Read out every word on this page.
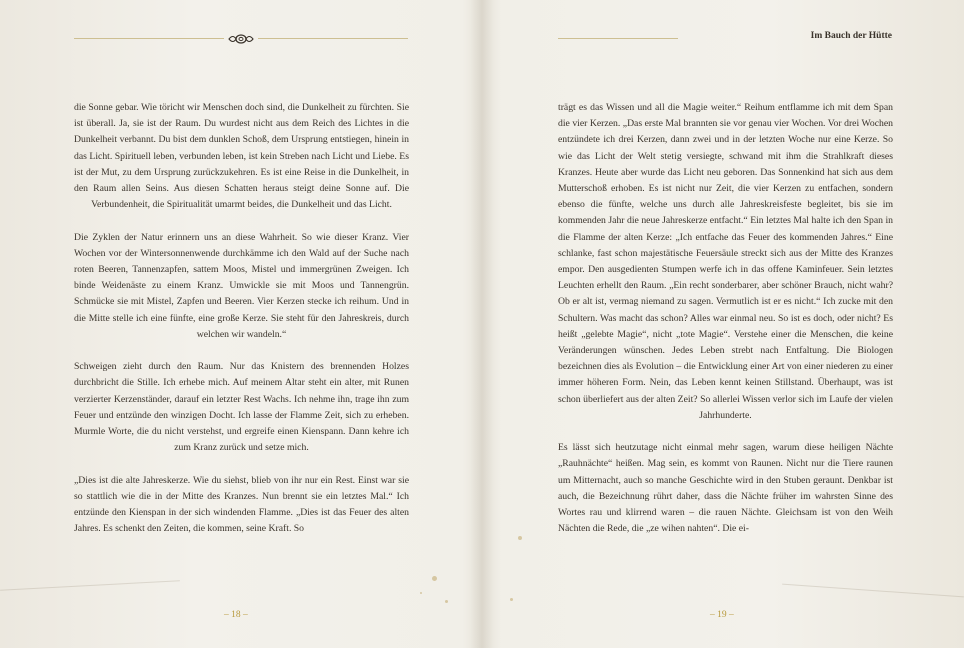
die Sonne gebar. Wie töricht wir Menschen doch sind, die Dunkelheit zu fürchten. Sie ist überall. Ja, sie ist der Raum. Du wurdest nicht aus dem Reich des Lichtes in die Dunkelheit verbannt. Du bist dem dunklen Schoß, dem Ursprung entstiegen, hinein in das Licht. Spirituell leben, verbunden leben, ist kein Streben nach Licht und Liebe. Es ist der Mut, zu dem Ursprung zurückzukehren. Es ist eine Reise in die Dunkelheit, in den Raum allen Seins. Aus diesen Schatten heraus steigt deine Sonne auf. Die Verbundenheit, die Spiritualität umarmt beides, die Dunkelheit und das Licht.

Die Zyklen der Natur erinnern uns an diese Wahrheit. So wie dieser Kranz. Vier Wochen vor der Wintersonnenwende durchkämme ich den Wald auf der Suche nach roten Beeren, Tannenzapfen, sattem Moos, Mistel und immergrünen Zweigen. Ich binde Weidenäste zu einem Kranz. Umwickle sie mit Moos und Tannengrün. Schmücke sie mit Mistel, Zapfen und Beeren. Vier Kerzen stecke ich reihum. Und in die Mitte stelle ich eine fünfte, eine große Kerze. Sie steht für den Jahreskreis, durch welchen wir wandeln.“

Schweigen zieht durch den Raum. Nur das Knistern des brennenden Holzes durchbricht die Stille. Ich erhebe mich. Auf meinem Altar steht ein alter, mit Runen verzierter Kerzenständer, darauf ein letzter Rest Wachs. Ich nehme ihn, trage ihn zum Feuer und entzünde den winzigen Docht. Ich lasse der Flamme Zeit, sich zu erheben. Murmle Worte, die du nicht verstehst, und ergreife einen Kienspann. Dann kehre ich zum Kranz zurück und setze mich.

„Dies ist die alte Jahreskerze. Wie du siehst, blieb von ihr nur ein Rest. Einst war sie so stattlich wie die in der Mitte des Kranzes. Nun brennt sie ein letztes Mal.“ Ich entzünde den Kienspan in der sich windenden Flamme. „Dies ist das Feuer des alten Jahres. Es schenkt den Zeiten, die kommen, seine Kraft. So

– 18 –
Im Bauch der Hütte

trägt es das Wissen und all die Magie weiter.“ Reihum entflamme ich mit dem Span die vier Kerzen. „Das erste Mal brannten sie vor genau vier Wochen. Vor drei Wochen entzündete ich drei Kerzen, dann zwei und in der letzten Woche nur eine Kerze. So wie das Licht der Welt stetig versiegte, schwand mit ihm die Strahlkraft dieses Kranzes. Heute aber wurde das Licht neu geboren. Das Sonnenkind hat sich aus dem Mutterschoß erhoben. Es ist nicht nur Zeit, die vier Kerzen zu entfachen, sondern ebenso die fünfte, welche uns durch alle Jahreskreisfeste begleitet, bis sie im kommenden Jahr die neue Jahreskerze entfacht.“ Ein letztes Mal halte ich den Span in die Flamme der alten Kerze: „Ich entfache das Feuer des kommenden Jahres.“ Eine schlanke, fast schon majestätische Feuersäule streckt sich aus der Mitte des Kranzes empor. Den ausgedienten Stumpen werfe ich in das offene Kaminfeuer. Sein letztes Leuchten erhellt den Raum. „Ein recht sonderbarer, aber schöner Brauch, nicht wahr? Ob er alt ist, vermag niemand zu sagen. Vermutlich ist er es nicht.“ Ich zucke mit den Schultern. Was macht das schon? Alles war einmal neu. So ist es doch, oder nicht? Es heißt „gelebte Magie“, nicht „tote Magie“. Verstehe einer die Menschen, die keine Veränderungen wünschen. Jedes Leben strebt nach Entfaltung. Die Biologen bezeichnen dies als Evolution – die Entwicklung einer Art von einer niederen zu einer immer höheren Form. Nein, das Leben kennt keinen Stillstand. Überhaupt, was ist schon überliefert aus der alten Zeit? So allerlei Wissen verlor sich im Laufe der vielen Jahrhunderte.

Es lässt sich heutzutage nicht einmal mehr sagen, warum diese heiligen Nächte „Rauhnächte“ heißen. Mag sein, es kommt von Raunen. Nicht nur die Tiere raunen um Mitternacht, auch so manche Geschichte wird in den Stuben geraunt. Denkbar ist auch, die Bezeichnung rührt daher, dass die Nächte früher im wahrsten Sinne des Wortes rau und klirrend waren – die rauen Nächte. Gleichsam ist von den Weih Nächten die Rede, die „ze wihen nahten“. Die ei-

– 19 –
